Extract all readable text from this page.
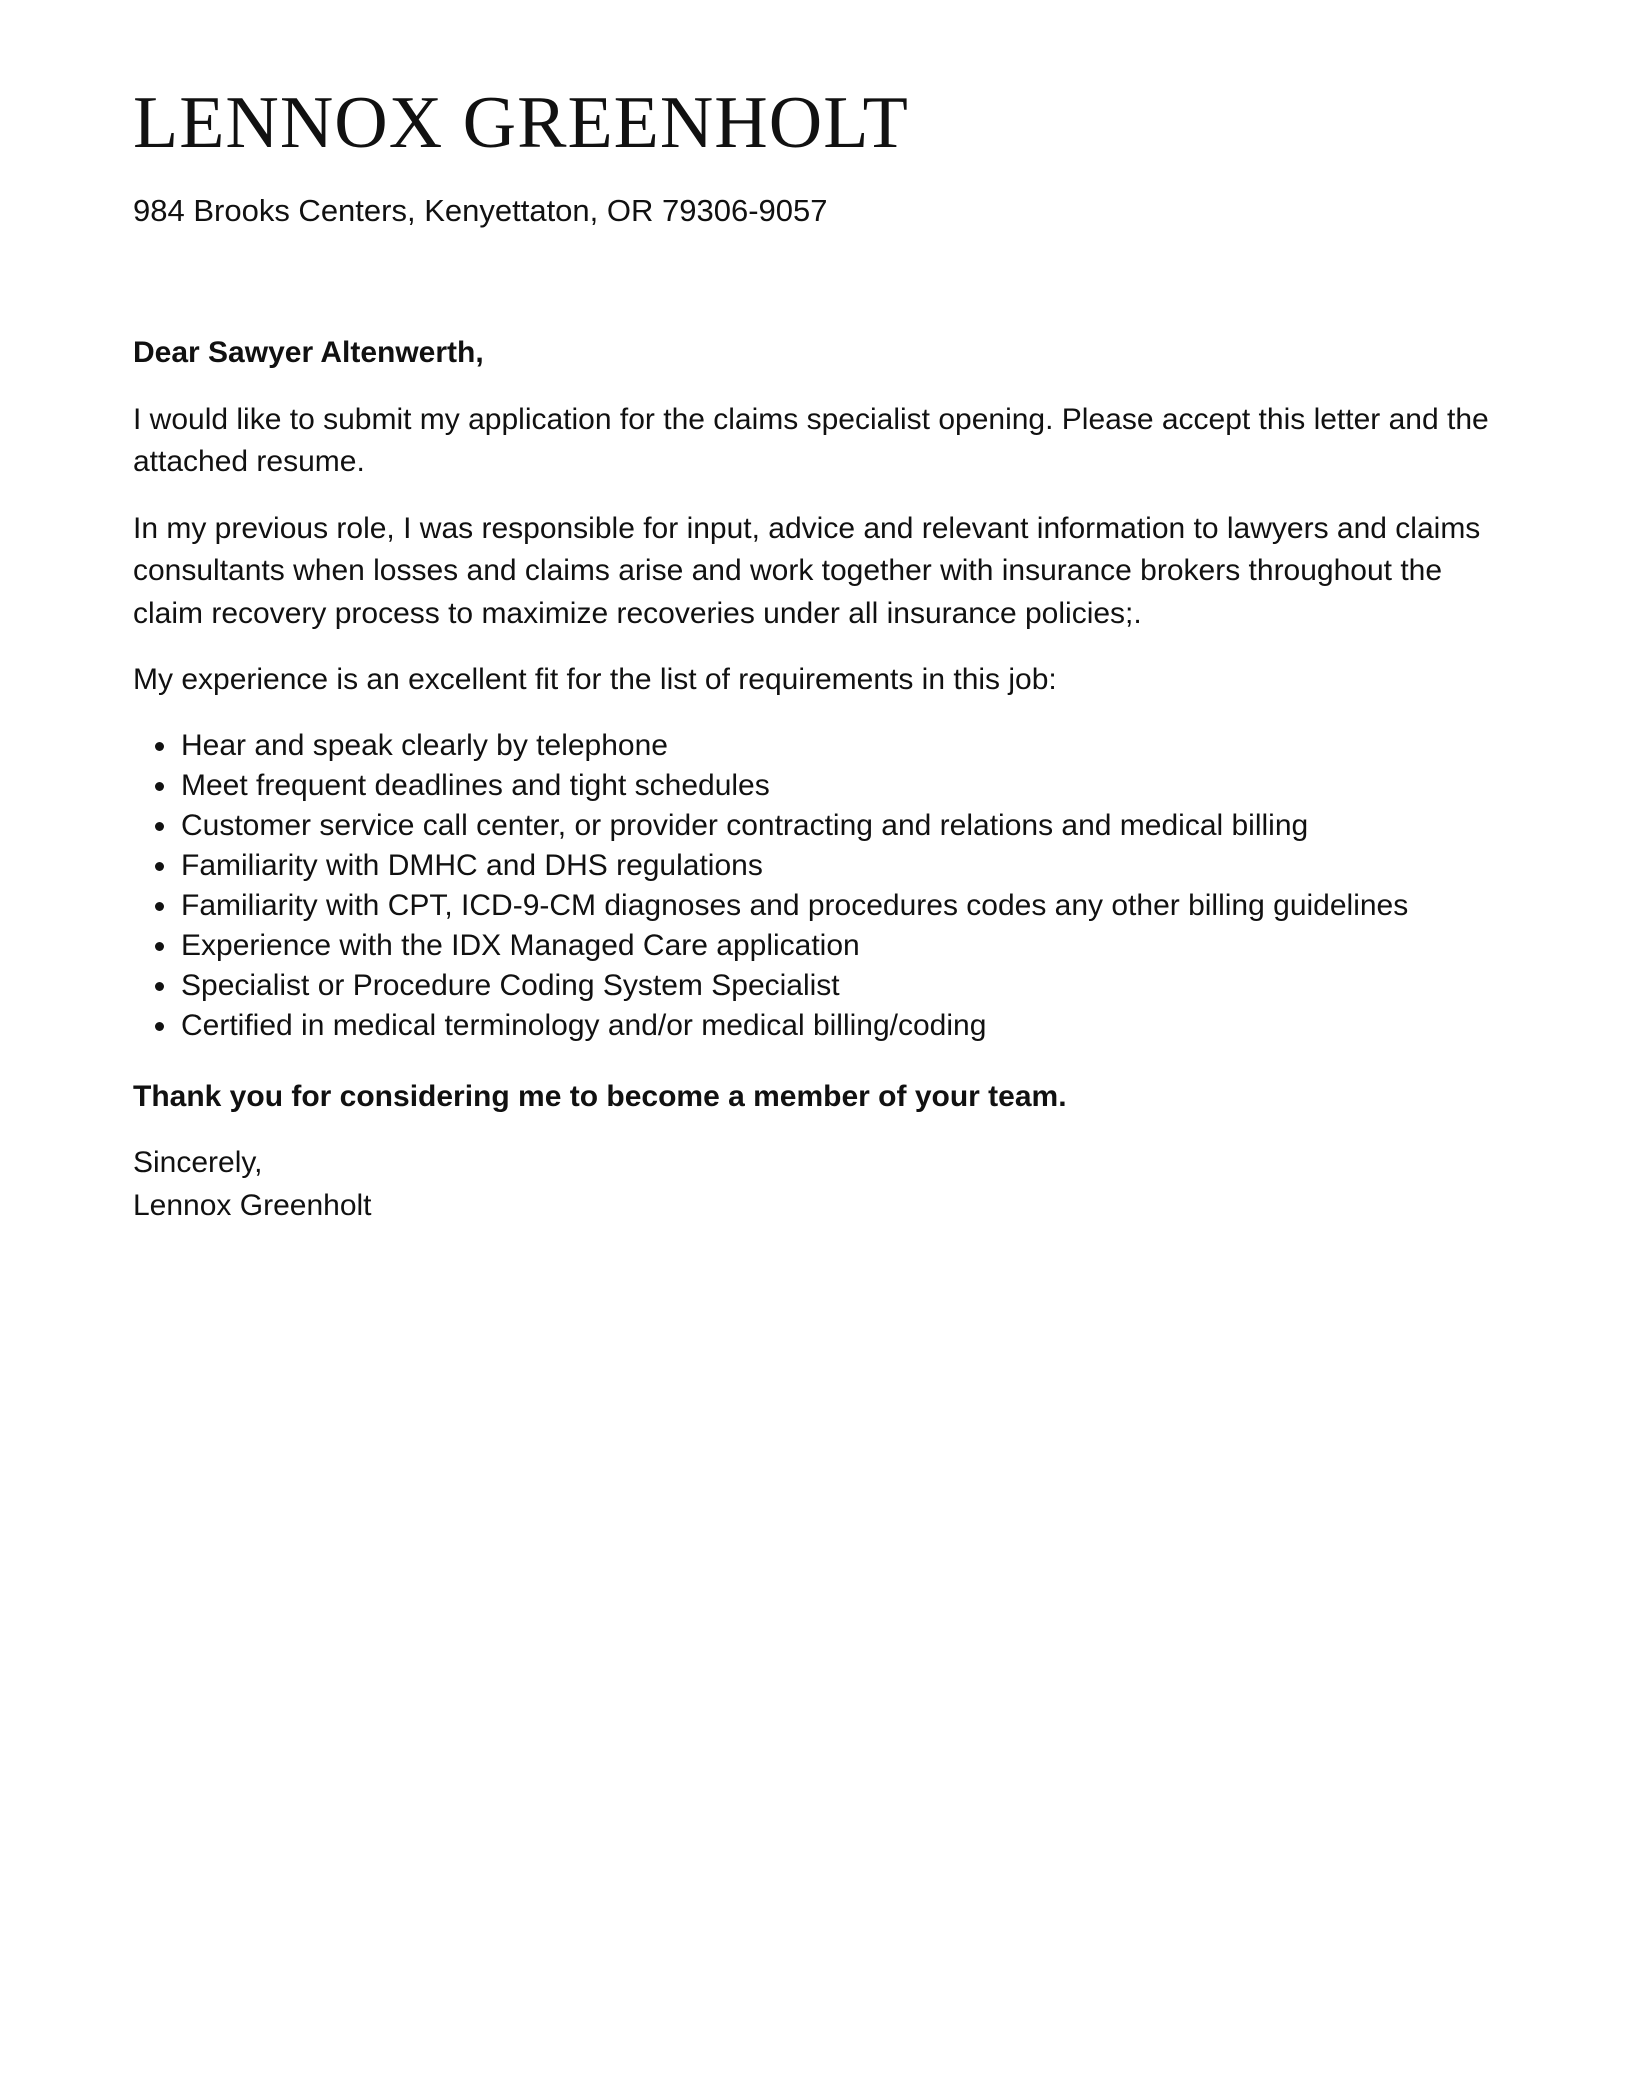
LENNOX GREENHOLT
984 Brooks Centers, Kenyettaton, OR 79306-9057

Dear Sawyer Altenwerth,

I would like to submit my application for the claims specialist opening. Please accept this letter and the attached resume.

In my previous role, I was responsible for input, advice and relevant information to lawyers and claims consultants when losses and claims arise and work together with insurance brokers throughout the claim recovery process to maximize recoveries under all insurance policies;.

My experience is an excellent fit for the list of requirements in this job:

Hear and speak clearly by telephone
Meet frequent deadlines and tight schedules
Customer service call center, or provider contracting and relations and medical billing
Familiarity with DMHC and DHS regulations
Familiarity with CPT, ICD-9-CM diagnoses and procedures codes any other billing guidelines
Experience with the IDX Managed Care application
Specialist or Procedure Coding System Specialist
Certified in medical terminology and/or medical billing/coding

Thank you for considering me to become a member of your team.

Sincerely,
Lennox Greenholt
